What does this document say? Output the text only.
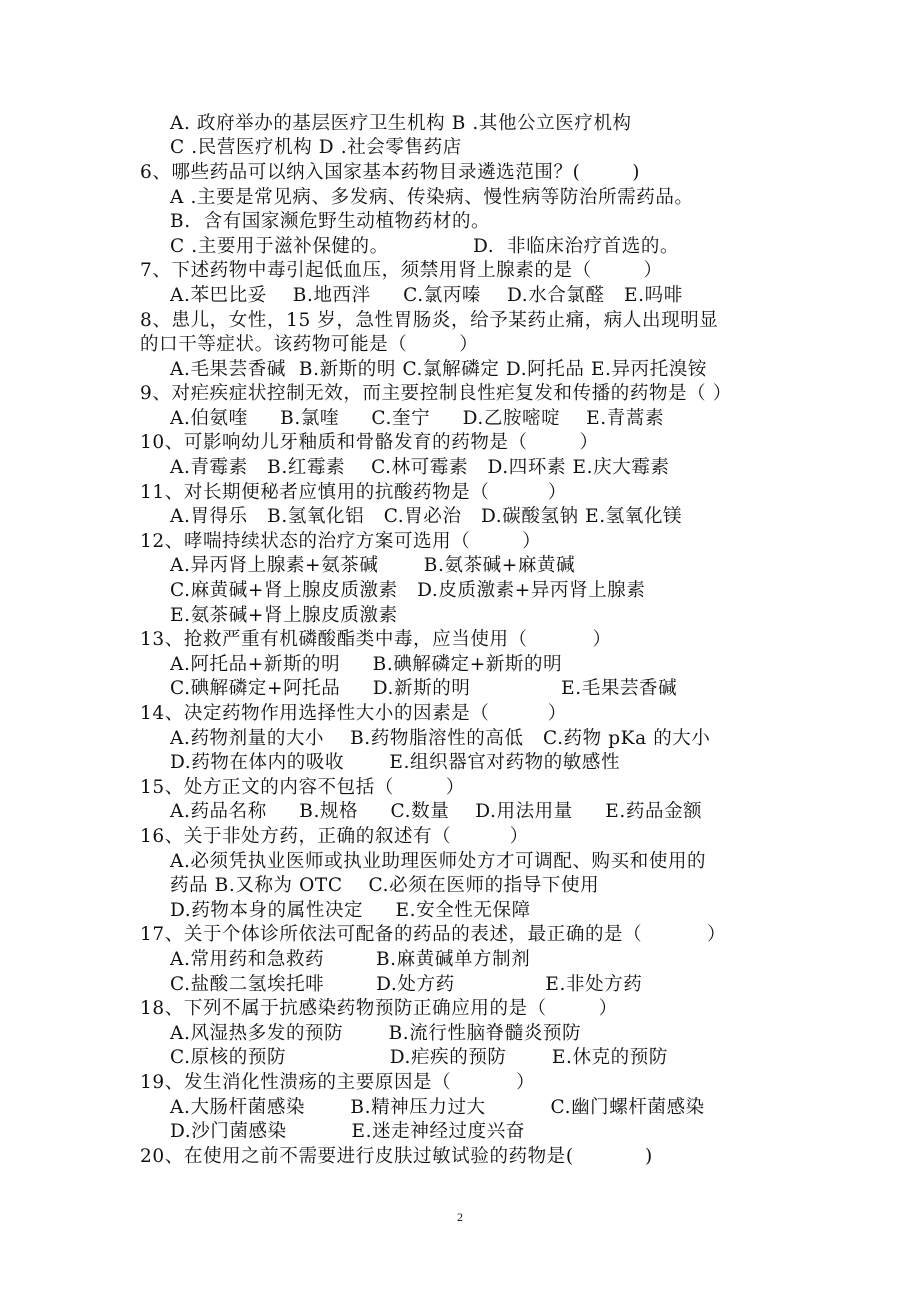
A. 政府举办的基层医疗卫生机构 B .其他公立医疗机构
C .民营医疗机构 D .社会零售药店
6、哪些药品可以纳入国家基本药物目录遴选范围？(        )
A .主要是常见病、多发病、传染病、慢性病等防治所需药品。
B.  含有国家濒危野生动植物药材的。
C .主要用于滋补保健的。             D.  非临床治疗首选的。
7、下述药物中毒引起低血压，须禁用肾上腺素的是（        ）
A.苯巴比妥    B.地西泮     C.氯丙嗪    D.水合氯醛   E.吗啡
8、患儿，女性，15 岁，急性胃肠炎，给予某药止痛，病人出现明显
的口干等症状。该药物可能是（        ）
A.毛果芸香碱  B.新斯的明 C.氯解磷定 D.阿托品 E.异丙托溴铵
9、对疟疾症状控制无效，而主要控制良性疟复发和传播的药物是（ ）
A.伯氨喹     B.氯喹     C.奎宁     D.乙胺嘧啶    E.青蒿素
10、可影响幼儿牙釉质和骨骼发育的药物是（        ）
A.青霉素   B.红霉素    C.林可霉素   D.四环素 E.庆大霉素
11、对长期便秘者应慎用的抗酸药物是（         ）
A.胃得乐   B.氢氧化铝   C.胃必治   D.碳酸氢钠 E.氢氧化镁
12、哮喘持续状态的治疗方案可选用（        ）
A.异丙肾上腺素+氨茶碱       B.氨茶碱+麻黄碱
C.麻黄碱+肾上腺皮质激素   D.皮质激素+异丙肾上腺素
E.氨茶碱+肾上腺皮质激素
13、抢救严重有机磷酸酯类中毒，应当使用（          ）
A.阿托品+新斯的明     B.碘解磷定+新斯的明
C.碘解磷定+阿托品     D.新斯的明              E.毛果芸香碱
14、决定药物作用选择性大小的因素是（         ）
A.药物剂量的大小    B.药物脂溶性的高低   C.药物 pKa 的大小
D.药物在体内的吸收       E.组织器官对药物的敏感性
15、处方正文的内容不包括（        ）
A.药品名称     B.规格     C.数量    D.用法用量     E.药品金额
16、关于非处方药，正确的叙述有（         ）
A.必须凭执业医师或执业助理医师处方才可调配、购买和使用的
药品 B.又称为 OTC    C.必须在医师的指导下使用
D.药物本身的属性决定     E.安全性无保障
17、关于个体诊所依法可配备的药品的表述，最正确的是（          ）
A.常用药和急救药        B.麻黄碱单方制剂
C.盐酸二氢埃托啡        D.处方药              E.非处方药
18、下列不属于抗感染药物预防正确应用的是（        ）
A.风湿热多发的预防       B.流行性脑脊髓炎预防
C.原核的预防                D.疟疾的预防       E.休克的预防
19、发生消化性溃疡的主要原因是（          ）
A.大肠杆菌感染       B.精神压力过大          C.幽门螺杆菌感染
D.沙门菌感染          E.迷走神经过度兴奋
20、在使用之前不需要进行皮肤过敏试验的药物是(           )
2
